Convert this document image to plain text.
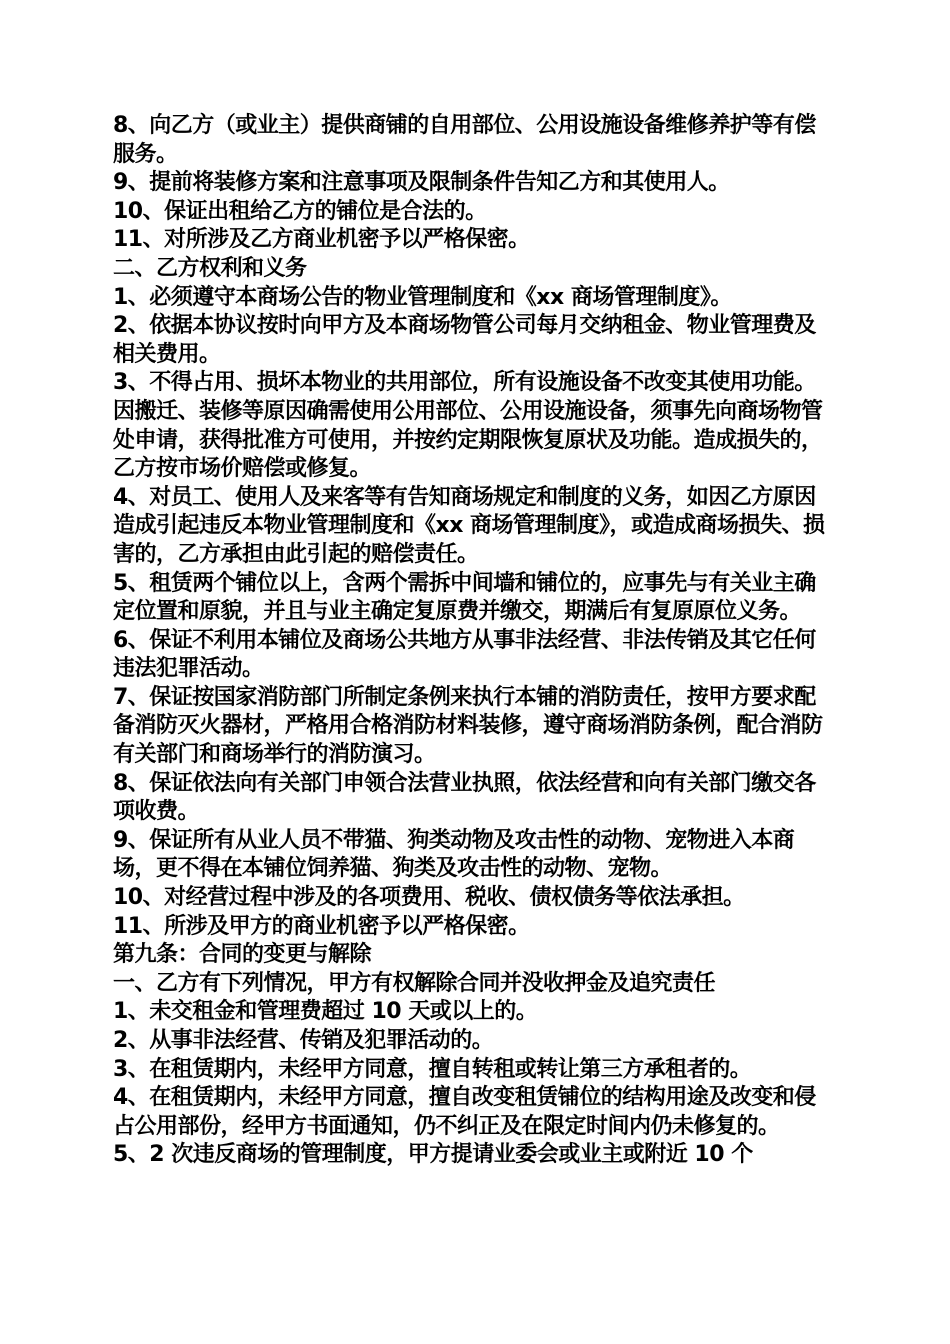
8、向乙方（或业主）提供商铺的自用部位、公用设施设备维修养护等有偿

服务。

9、提前将装修方案和注意事项及限制条件告知乙方和其使用人。

10、保证出租给乙方的铺位是合法的。

11、对所涉及乙方商业机密予以严格保密。

二、乙方权利和义务

1、必须遵守本商场公告的物业管理制度和《xx 商场管理制度》。

2、依据本协议按时向甲方及本商场物管公司每月交纳租金、物业管理费及相关费用。

3、不得占用、损坏本物业的共用部位，所有设施设备不改变其使用功能。因搬迁、装修等原因确需使用公用部位、公用设施设备，须事先向商场物管处申请，获得批准方可使用，并按约定期限恢复原状及功能。造成损失的，乙方按市场价赔偿或修复。

4、对员工、使用人及来客等有告知商场规定和制度的义务，如因乙方原因造成引起违反本物业管理制度和《xx 商场管理制度》，或造成商场损失、损害的，乙方承担由此引起的赔偿责任。

5、租赁两个铺位以上，含两个需拆中间墙和铺位的，应事先与有关业主确定位置和原貌，并且与业主确定复原费并缴交，期满后有复原原位义务。

6、保证不利用本铺位及商场公共地方从事非法经营、非法传销及其它任何违法犯罪活动。

7、保证按国家消防部门所制定条例来执行本铺的消防责任，按甲方要求配备消防灭火器材，严格用合格消防材料装修，遵守商场消防条例，配合消防有关部门和商场举行的消防演习。

8、保证依法向有关部门申领合法营业执照，依法经营和向有关部门缴交各项收费。

9、保证所有从业人员不带猫、狗类动物及攻击性的动物、宠物进入本商场，更不得在本铺位饲养猫、狗类及攻击性的动物、宠物。

10、对经营过程中涉及的各项费用、税收、债权债务等依法承担。

11、所涉及甲方的商业机密予以严格保密。

第九条：合同的变更与解除

一、乙方有下列情况，甲方有权解除合同并没收押金及追究责任

1、未交租金和管理费超过 10 天或以上的。

2、从事非法经营、传销及犯罪活动的。

3、在租赁期内，未经甲方同意，擅自转租或转让第三方承租者的。

4、在租赁期内，未经甲方同意，擅自改变租赁铺位的结构用途及改变和侵占公用部份，经甲方书面通知，仍不纠正及在限定时间内仍未修复的。

5、2 次违反商场的管理制度，甲方提请业委会或业主或附近 10 个
